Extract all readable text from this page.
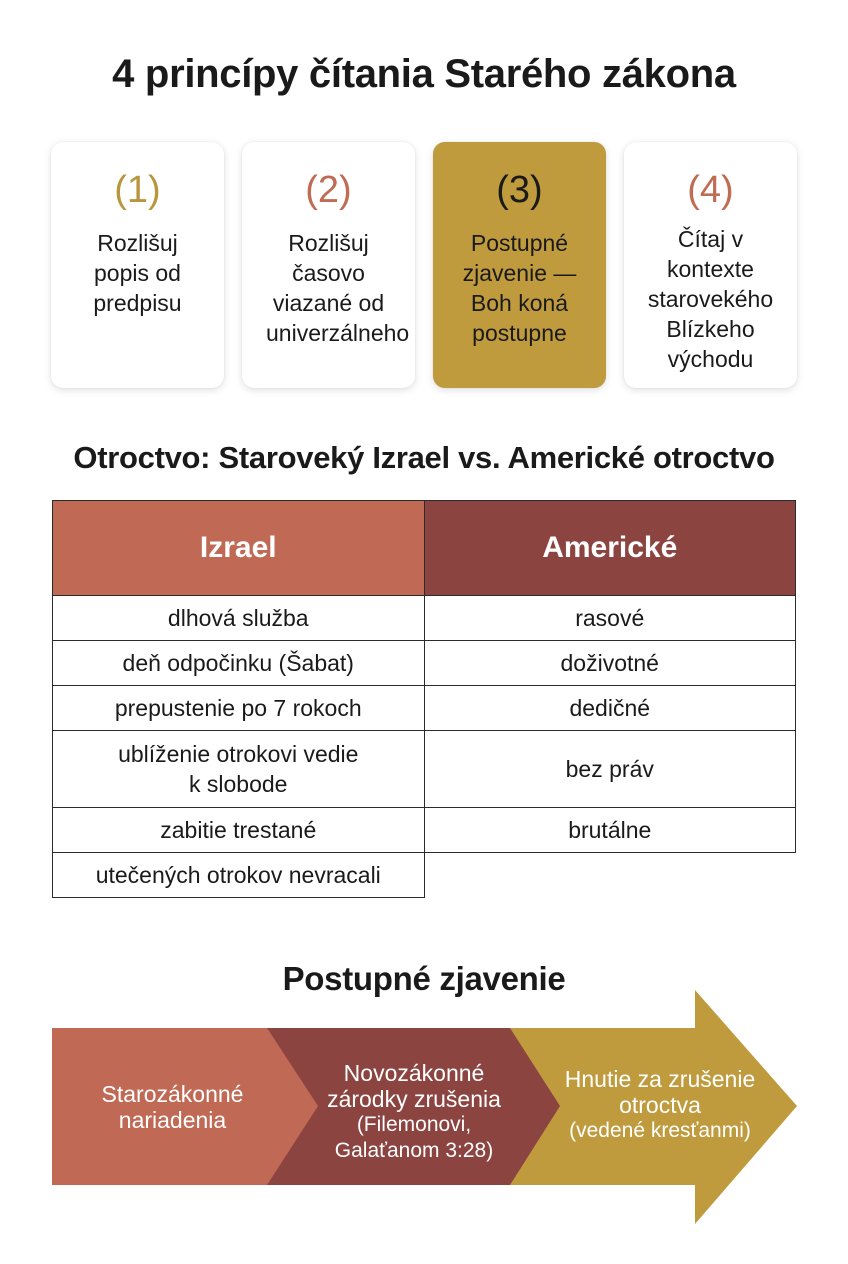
4 princípy čítania Starého zákona
(1)
Rozlišuj popis od predpisu
(2)
Rozlišuj časovo viazané od univerzálneho
(3)
Postupné zjavenie — Boh koná postupne
(4)
Čítaj v kontexte starovekého Blízkeho východu
Otroctvo: Staroveký Izrael vs. Americké otroctvo
Izrael	Americké
dlhová služba	rasové
deň odpočinku (Šabat)	doživotné
prepustenie po 7 rokoch	dedičné
ublíženie otrokovi vedie k slobode	bez práv
zabitie trestané	brutálne
utečených otrokov nevracali	
Postupné zjavenie
Starozákonné nariadenia
Novozákonné zárodky zrušenia
(Filemonovi, Galaťanom 3:28)
Hnutie za zrušenie otroctva
(vedené kresťanmi)
